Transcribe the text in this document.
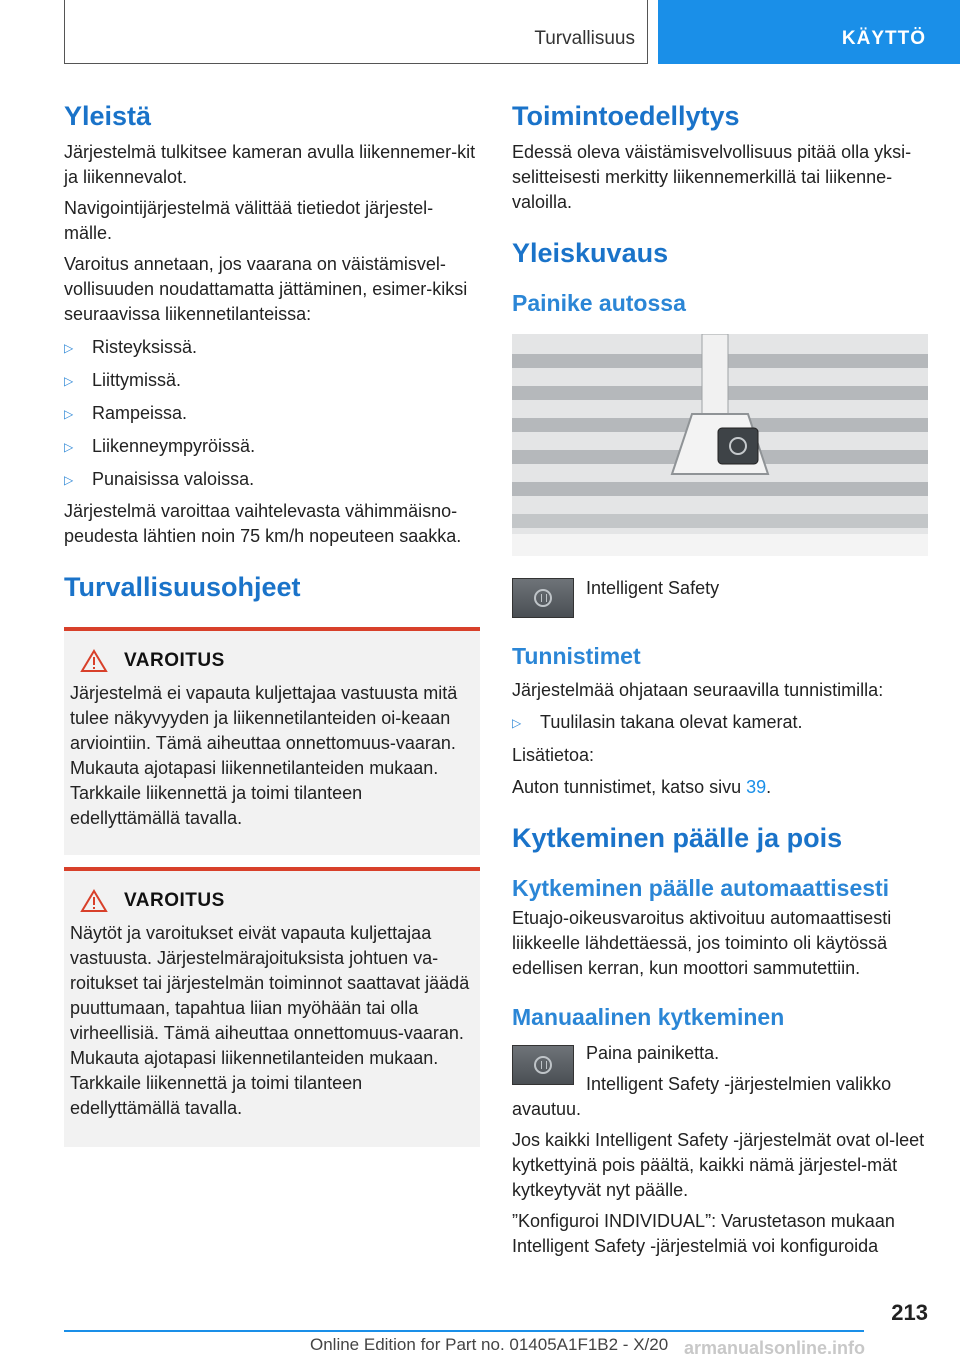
Turvallisuus	KÄYTTÖ
Yleistä

Järjestelmä tulkitsee kameran avulla liikennemer-kit ja liikennevalot.

Navigointijärjestelmä välittää tietiedot järjestel-mälle.

Varoitus annetaan, jos vaarana on väistämisvel-vollisuuden noudattamatta jättäminen, esimer-kiksi seuraavissa liikennetilanteissa:

▷	Risteyksissä.
▷	Liittymissä.
▷	Rampeissa.
▷	Liikenneympyröissä.
▷	Punaisissa valoissa.

Järjestelmä varoittaa vaihtelevasta vähimmäisno-peudesta lähtien noin 75 km/h nopeuteen saakka.

Turvallisuusohjeet
VAROITUS

Järjestelmä ei vapauta kuljettajaa vastuusta mitä tulee näkyvyyden ja liikennetilanteiden oi-keaan arviointiin. Tämä aiheuttaa onnettomuus-vaaran. Mukauta ajotapasi liikennetilanteiden mukaan. Tarkkaile liikennettä ja toimi tilanteen edellyttämällä tavalla.

VAROITUS

Näytöt ja varoitukset eivät vapauta kuljettajaa vastuusta. Järjestelmärajoituksista johtuen va-roitukset tai järjestelmän toiminnot saattavat jäädä puuttumaan, tapahtua liian myöhään tai olla virheellisiä. Tämä aiheuttaa onnettomuus-vaaran. Mukauta ajotapasi liikennetilanteiden mukaan. Tarkkaile liikennettä ja toimi tilanteen edellyttämällä tavalla.

Toimintoedellytys

Edessä oleva väistämisvelvollisuus pitää olla yksi-selitteisesti merkitty liikennemerkillä tai liikenne-valoilla.

Yleiskuvaus
Painike autossa
Intelligent Safety
Tunnistimet

Järjestelmää ohjataan seuraavilla tunnistimilla:

▷	Tuulilasin takana olevat kamerat.

Lisätietoa:

Auton tunnistimet, katso sivu 39.

Kytkeminen päälle ja pois
Kytkeminen päälle automaattisesti

Etuajo-oikeusvaroitus aktivoituu automaattisesti liikkeelle lähdettäessä, jos toiminto oli käytössä edellisen kerran, kun moottori sammutettiin.

Manuaalinen kytkeminen

Paina painiketta.

Intelligent Safety -järjestelmien valikko avautuu.

Jos kaikki Intelligent Safety -järjestelmät ovat ol-leet kytkettyinä pois päältä, kaikki nämä järjestel-mät kytkeytyvät nyt päälle.

”Konfiguroi INDIVIDUAL”: Varustetason mukaan Intelligent Safety -järjestelmiä voi konfiguroida

213
Online Edition for Part no. 01405A1F1B2 - X/20 armanualsonline.info
